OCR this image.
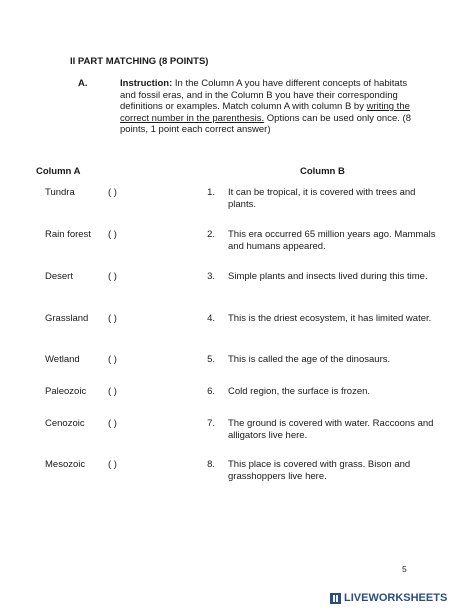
II PART MATCHING (8 POINTS)
A.	Instruction: In the Column A you have different concepts of habitats and fossil eras, and in the Column B you have their corresponding definitions or examples. Match column A with column B by writing the correct number in the parenthesis. Options can be used only once. (8 points, 1 point each correct answer)
Column A	Column B
Tundra	( )	1. It can be tropical, it is covered with trees and plants.
Rain forest ( )	2. This era occurred 65 million years ago. Mammals and humans appeared.
Desert	( )	3. Simple plants and insects lived during this time.
Grassland ( )	4. This is the driest ecosystem, it has limited water.
Wetland	( )	5. This is called the age of the dinosaurs.
Paleozoic ( )	6. Cold region, the surface is frozen.
Cenozoic ( )	7. The ground is covered with water. Raccoons and alligators live here.
Mesozoic ( )	8. This place is covered with grass. Bison and grasshoppers live here.
5
LIVEWORKSHEETS
